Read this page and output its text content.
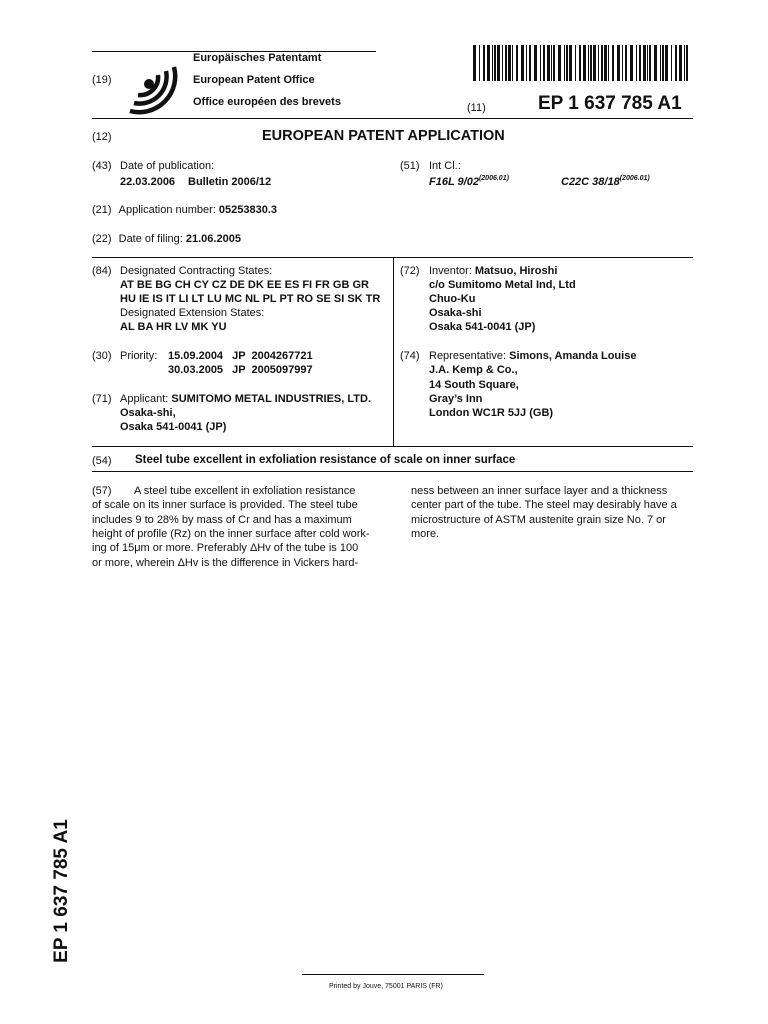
(19)
Europäisches Patentamt
European Patent Office
Office européen des brevets	(11)	EP 1 637 785 A1
(12)	EUROPEAN PATENT APPLICATION
(43) Date of publication:
22.03.2006 Bulletin 2006/12
(51) Int Cl.:
F16L $9/02^{(2006.01)}$	C22C $38/18^{(2006.01)}$
(21) Application number: 05253830.3
(22) Date of filing: 21.06.2005
(84) Designated Contracting States:
AT BE BG CH CY CZ DE DK EE ES FI FR GB GR
HU IE IS IT LI LT LU MC NL PL PT RO SE SI SK TR
Designated Extension States:
AL BA HR LV MK YU
(30) Priority: 15.09.2004 JP 2004267721
30.03.2005 JP 2005097997
(71) Applicant: SUMITOMO METAL INDUSTRIES, LTD.
Osaka-shi,
Osaka 541-0041 (JP)
(72) Inventor: Matsuo, Hiroshi
c/o Sumitomo Metal Ind, Ltd
Chuo-Ku
Osaka-shi
Osaka 541-0041 (JP)
(74) Representative: Simons, Amanda Louise
J.A. Kemp & Co.,
14 South Square,
Gray’s Inn
London WC1R 5JJ (GB)
(54) Steel tube excellent in exfoliation resistance of scale on inner surface
(57) A steel tube excellent in exfoliation resistance
of scale on its inner surface is provided. The steel tube
includes 9 to 28% by mass of Cr and has a maximum
height of profile (Rz) on the inner surface after cold work-
ing of 15μm or more. Preferably ΔHv of the tube is 100
or more, wherein ΔHv is the difference in Vickers hard-
ness between an inner surface layer and a thickness
center part of the tube. The steel may desirably have a
microstructure of ASTM austenite grain size No. 7 or
more.
EP 1 637 785 A1
Printed by Jouve, 75001 PARIS (FR)
